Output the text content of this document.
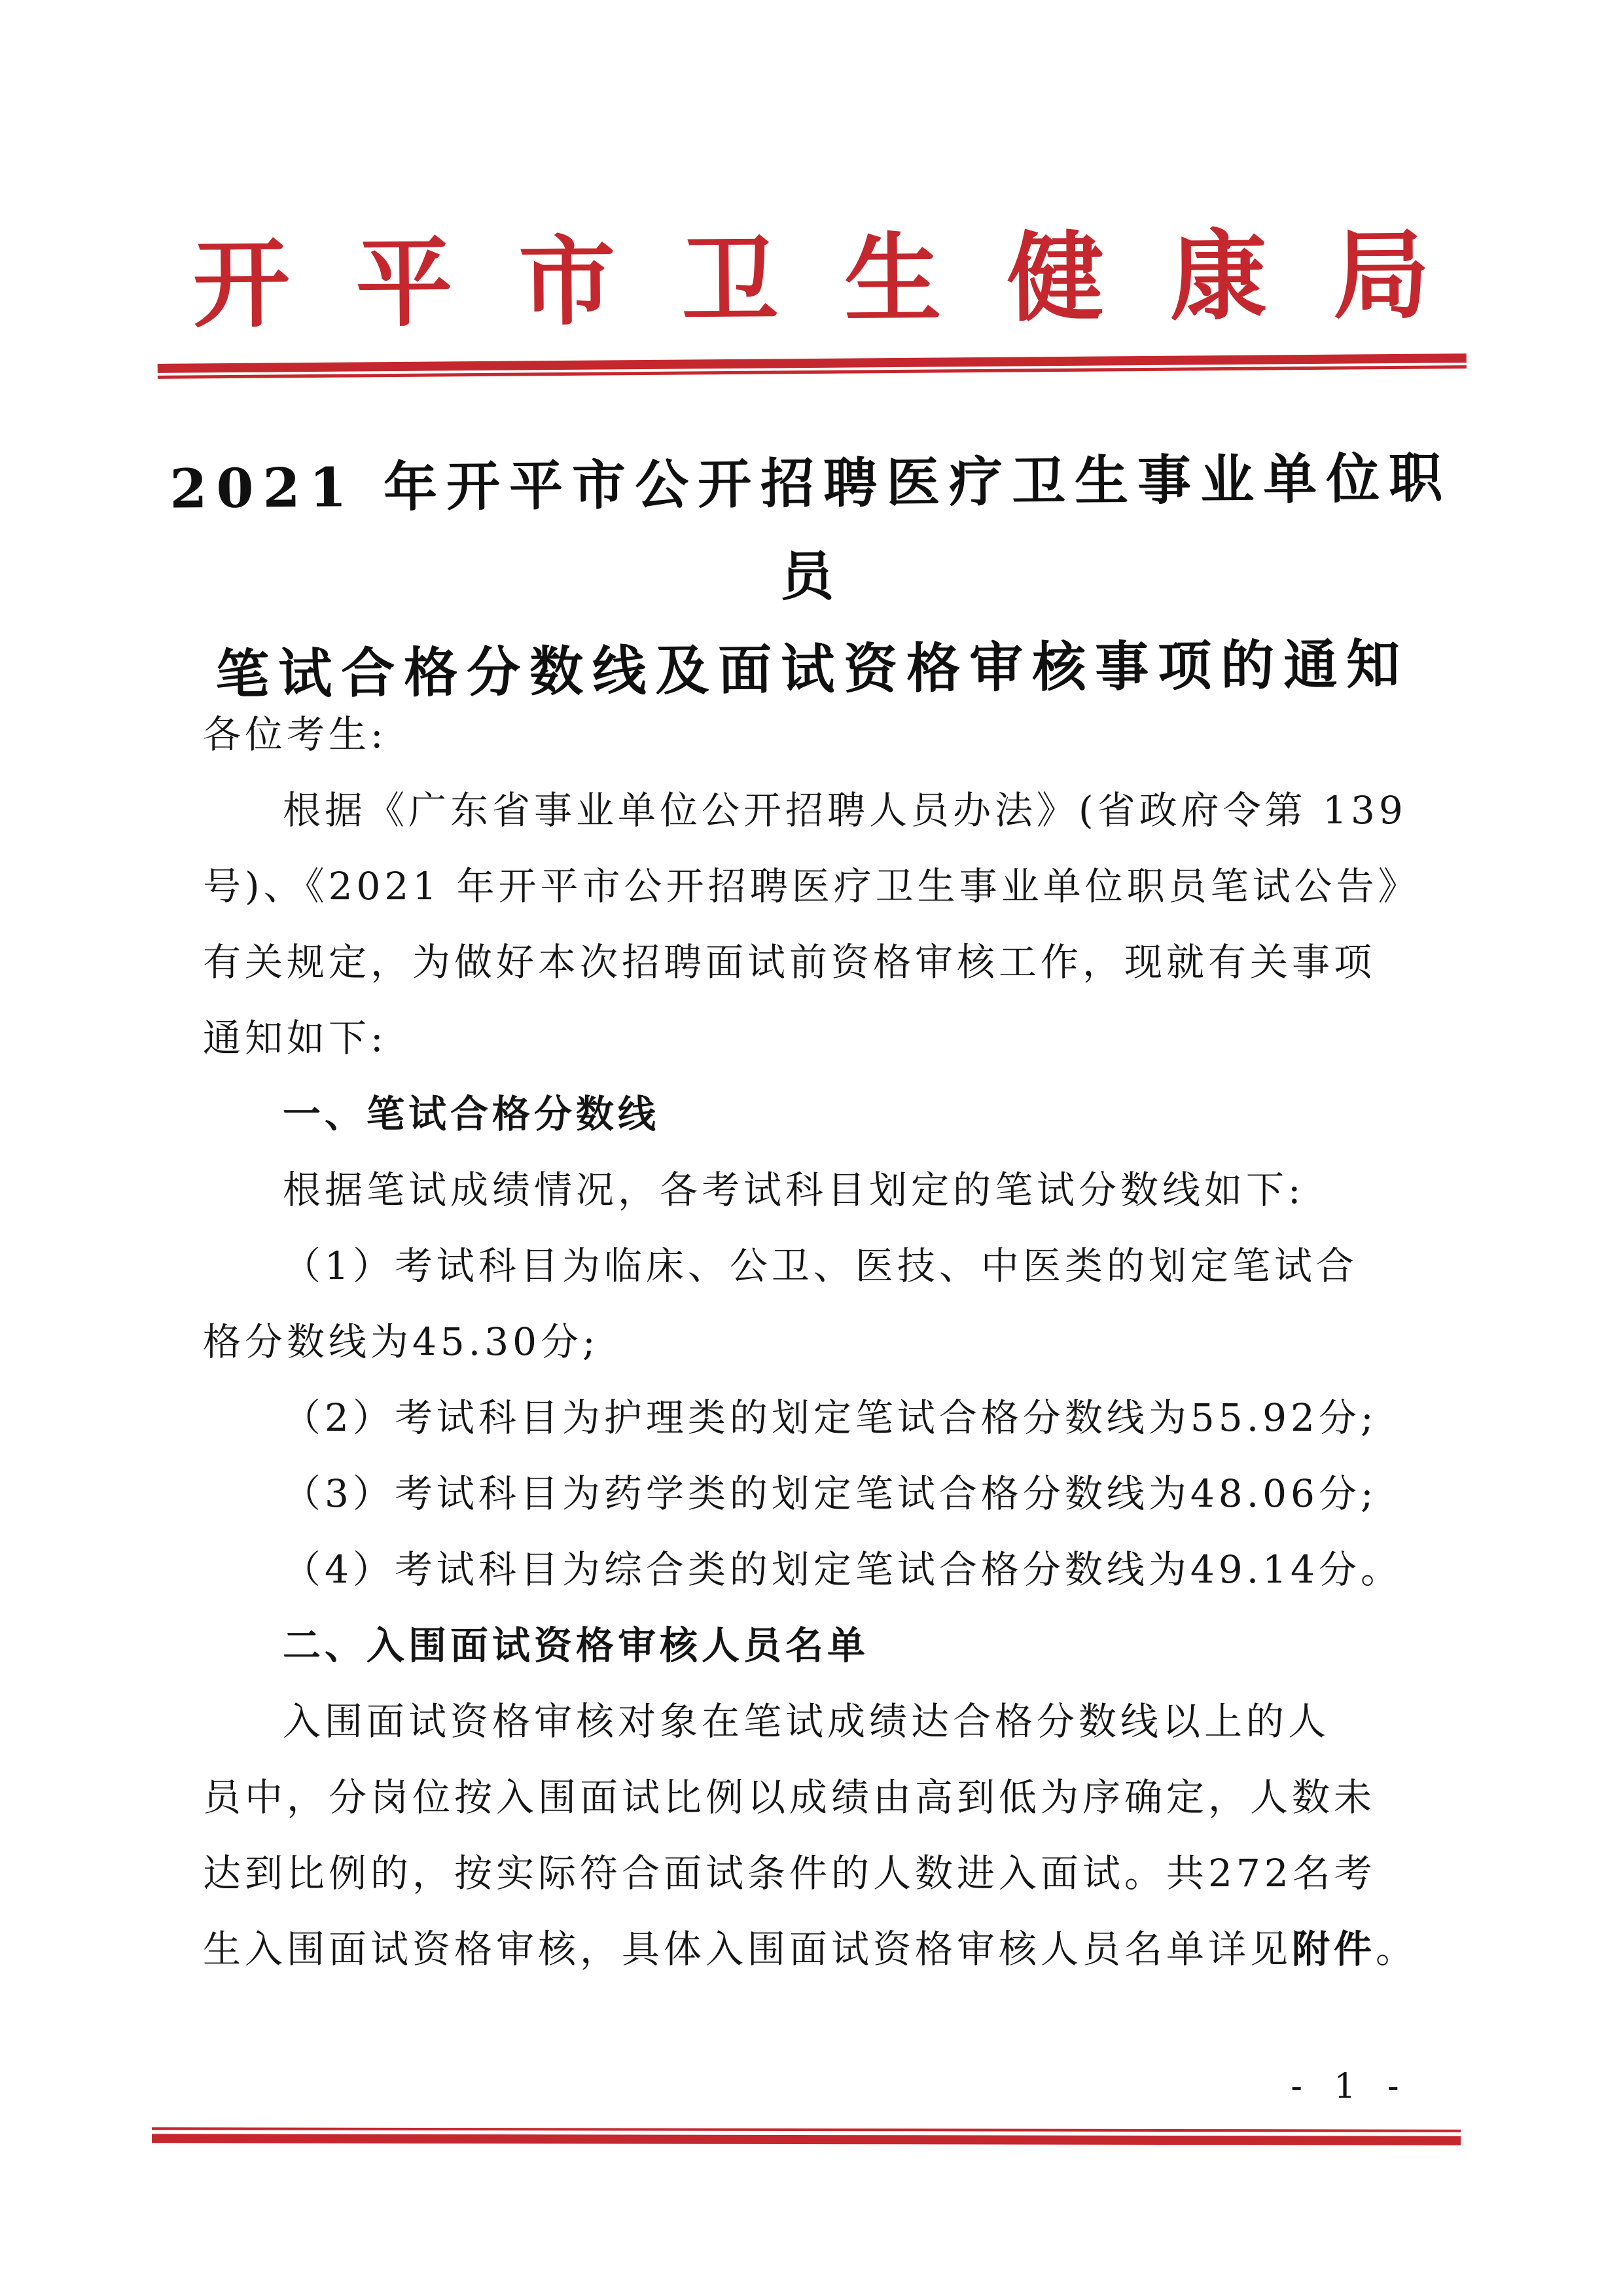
开 平 市 卫 生 健 康 局
2021 年开平市公开招聘医疗卫生事业单位职员
笔试合格分数线及面试资格审核事项的通知
各位考生:
根据《广东省事业单位公开招聘人员办法》(省政府令第 139
号)、《2021 年开平市公开招聘医疗卫生事业单位职员笔试公告》
有关规定，为做好本次招聘面试前资格审核工作，现就有关事项
通知如下:
一、笔试合格分数线
根据笔试成绩情况，各考试科目划定的笔试分数线如下:
（1）考试科目为临床、公卫、医技、中医类的划定笔试合
格分数线为45.30分;
（2）考试科目为护理类的划定笔试合格分数线为55.92分;
（3）考试科目为药学类的划定笔试合格分数线为48.06分;
（4）考试科目为综合类的划定笔试合格分数线为49.14分。
二、入围面试资格审核人员名单
入围面试资格审核对象在笔试成绩达合格分数线以上的人
员中，分岗位按入围面试比例以成绩由高到低为序确定，人数未
达到比例的，按实际符合面试条件的人数进入面试。共272名考
生入围面试资格审核，具体入围面试资格审核人员名单详见附件。
- 1 -
